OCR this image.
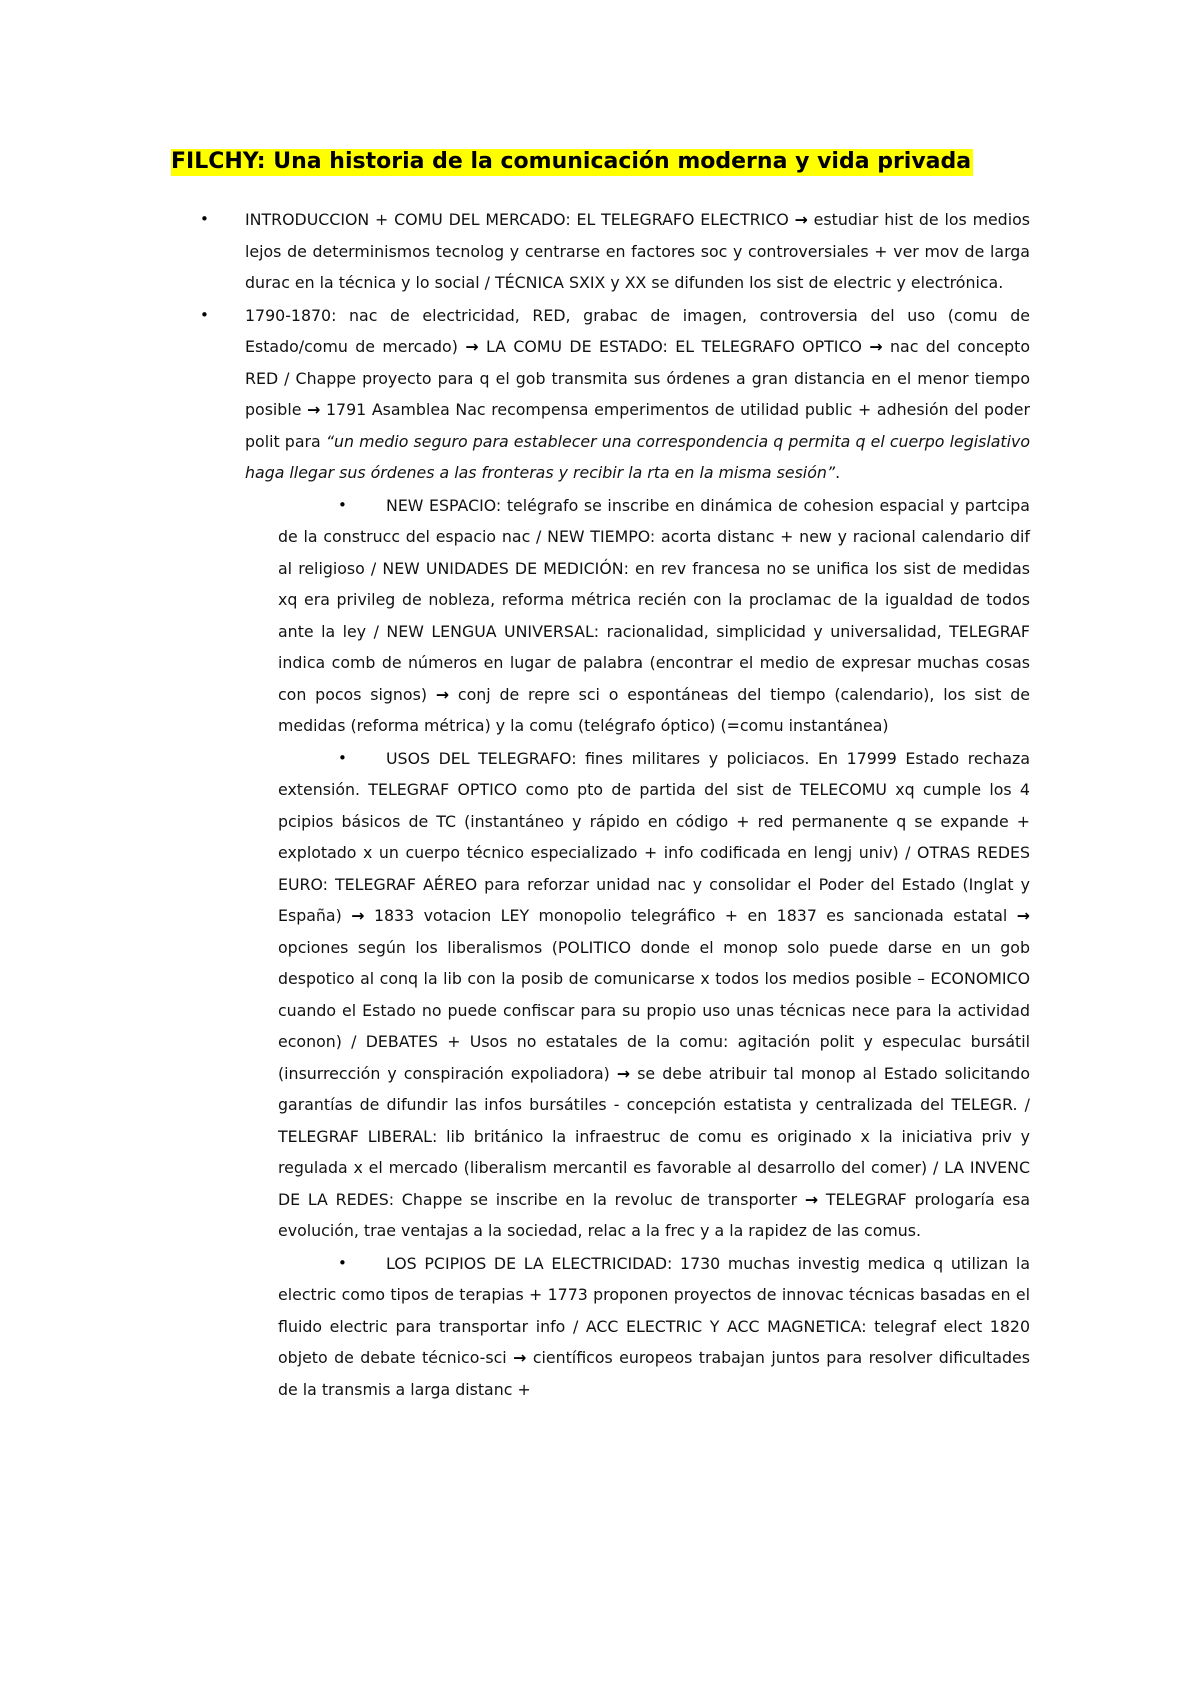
FILCHY: Una historia de la comunicación moderna y vida privada
• INTRODUCCION + COMU DEL MERCADO: EL TELEGRAFO ELECTRICO → estudiar hist de los medios lejos de determinismos tecnolog y centrarse en factores soc y controversiales + ver mov de larga durac en la técnica y lo social / TÉCNICA SXIX y XX se difunden los sist de electric y electrónica.
• 1790-1870: nac de electricidad, RED, grabac de imagen, controversia del uso (comu de Estado/comu de mercado) → LA COMU DE ESTADO: EL TELEGRAFO OPTICO → nac del concepto RED / Chappe proyecto para q el gob transmita sus órdenes a gran distancia en el menor tiempo posible → 1791 Asamblea Nac recompensa emperimentos de utilidad public + adhesión del poder polit para “un medio seguro para establecer una correspondencia q permita q el cuerpo legislativo haga llegar sus órdenes a las fronteras y recibir la rta en la misma sesión”.
• NEW ESPACIO: telégrafo se inscribe en dinámica de cohesion espacial y partcipa de la construcc del espacio nac / NEW TIEMPO: acorta distanc + new y racional calendario dif al religioso / NEW UNIDADES DE MEDICIÓN: en rev francesa no se unifica los sist de medidas xq era privileg de nobleza, reforma métrica recién con la proclamac de la igualdad de todos ante la ley / NEW LENGUA UNIVERSAL: racionalidad, simplicidad y universalidad, TELEGRAF indica comb de números en lugar de palabra (encontrar el medio de expresar muchas cosas con pocos signos) → conj de repre sci o espontáneas del tiempo (calendario), los sist de medidas (reforma métrica) y la comu (telégrafo óptico) (=comu instantánea)
• USOS DEL TELEGRAFO: fines militares y policiacos. En 17999 Estado rechaza extensión. TELEGRAF OPTICO como pto de partida del sist de TELECOMU xq cumple los 4 pcipios básicos de TC (instantáneo y rápido en código + red permanente q se expande + explotado x un cuerpo técnico especializado + info codificada en lengj univ) / OTRAS REDES EURO: TELEGRAF AÉREO para reforzar unidad nac y consolidar el Poder del Estado (Inglat y España) → 1833 votacion LEY monopolio telegráfico + en 1837 es sancionada estatal → opciones según los liberalismos (POLITICO donde el monop solo puede darse en un gob despotico al conq la lib con la posib de comunicarse x todos los medios posible – ECONOMICO cuando el Estado no puede confiscar para su propio uso unas técnicas nece para la actividad econon) / DEBATES + Usos no estatales de la comu: agitación polit y especulac bursátil (insurrección y conspiración expoliadora) → se debe atribuir tal monop al Estado solicitando garantías de difundir las infos bursátiles - concepción estatista y centralizada del TELEGR. / TELEGRAF LIBERAL: lib británico la infraestruc de comu es originado x la iniciativa priv y regulada x el mercado (liberalism mercantil es favorable al desarrollo del comer) / LA INVENC DE LA REDES: Chappe se inscribe en la revoluc de transporter → TELEGRAF prologaría esa evolución, trae ventajas a la sociedad, relac a la frec y a la rapidez de las comus.
• LOS PCIPIOS DE LA ELECTRICIDAD: 1730 muchas investig medica q utilizan la electric como tipos de terapias + 1773 proponen proyectos de innovac técnicas basadas en el fluido electric para transportar info / ACC ELECTRIC Y ACC MAGNETICA: telegraf elect 1820 objeto de debate técnico-sci → científicos europeos trabajan juntos para resolver dificultades de la transmis a larga distanc +
